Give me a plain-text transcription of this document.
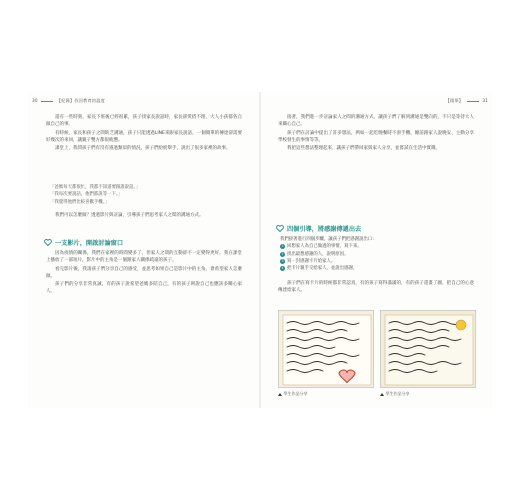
30	【紀錄】找回教育的溫度

還有一些時刻，家長下班後已經很累，孩子找家長說話時，家長卻愛搭不理，大人小孩都各自做自己的事。

有時候，家長和孩子之間缺乏溝通，孩子只能透過LINE來跟家長說話，一個簡單的傳達卻需要好幾次的來回，讓親子雙方都很疲憊。

課堂上，我問孩子們有沒有遇過類似的情況，孩子們紛紛舉手，說出了很多家裡的故事。

「爸媽每天都很忙，我都不知道要跟誰說話。」
「我每次要說話，他們都說等一下。」
「我覺得他們比較喜歡手機。」

我們可以怎麼做？透過影片與討論，引導孩子們思考家人之間的溝通方式。

一支影片，開啟討論窗口

因為疫情的關係，我們在家裡的時間變多了，但家人之間的互動卻不一定變得更好。我在課堂上播放了一部短片，影片中的主角是一個跟家人關係疏遠的孩子。

看完影片後，我請孩子們分享自己的感受，並思考如果自己是影片中的主角，會希望家人怎麼做。

孩子們的分享非常真誠，有的孩子說希望爸媽多陪自己，有的孩子則說自己也應該多關心家人。

【精華】	31

接著，我們進一步討論家人之間的溝通方式，讓孩子們了解到溝通是雙向的，不只是等待大人來關心自己。

孩子們在討論中提出了許多想法，例如一起吃晚餐時不滑手機、睡前跟家人說晚安、主動分享學校發生的事情等等。

我把這些想法整理起來，讓孩子們帶回家與家人分享，並嘗試在生活中實踐。

四個引導，將感謝傳遞出去
我們接著進行四個步驟，讓孩子們把感謝說出口：
1 回想家人為自己做過的事情，寫下來。
2 找出最想感謝的人，說明原因。
3 寫一封感謝卡片給家人。
4 把卡片親手交給家人，並說出感謝。

孩子們在寫卡片的時候都非常認真，有的孩子寫得滿滿的，有的孩子還畫了圖，把自己的心意傳達給家人。

學生作品分享	學生作品分享
